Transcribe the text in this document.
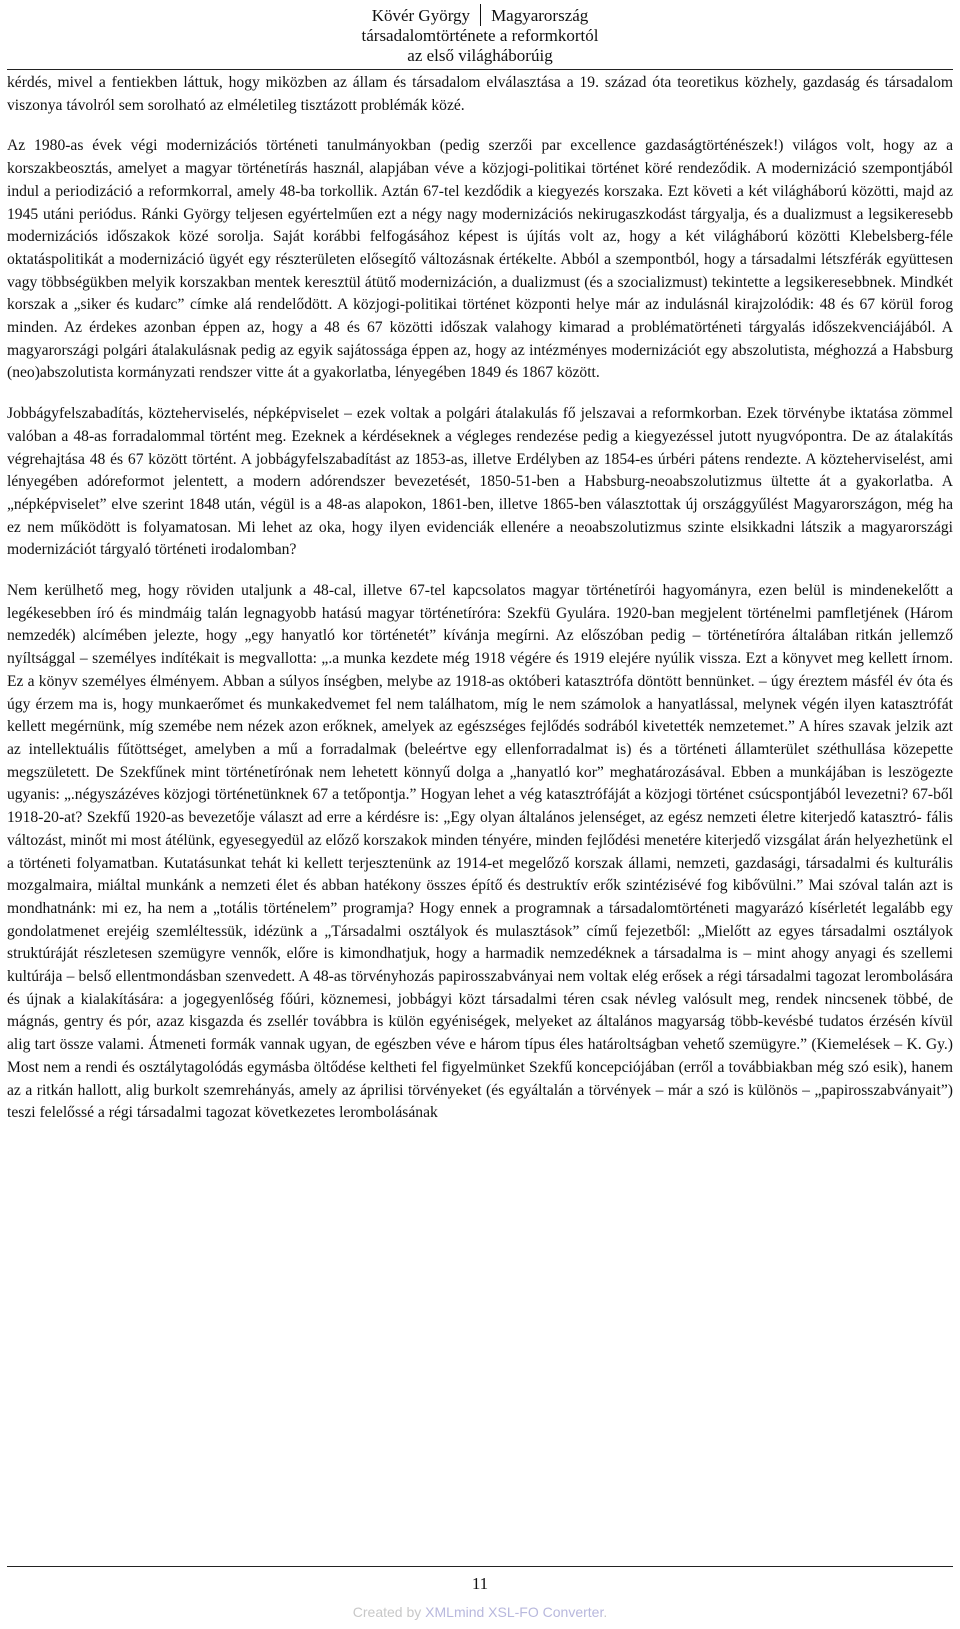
Kövér György Magyarország
társadalomtörténete a reformkortól
az első világháborúig

kérdés, mivel a fentiekben láttuk, hogy miközben az állam és társadalom elválasztása a 19. század óta teoretikus közhely, gazdaság és társadalom viszonya távolról sem sorolható az elméletileg tisztázott problémák közé.

Az 1980-as évek végi modernizációs történeti tanulmányokban (pedig szerzői par excellence gazdaságtörténészek!) világos volt, hogy az a korszakbeosztás, amelyet a magyar történetírás használ, alapjában véve a közjogi-politikai történet köré rendeződik. A modernizáció szempontjából indul a periodizáció a reformkorral, amely 48-ba torkollik. Aztán 67-tel kezdődik a kiegyezés korszaka. Ezt követi a két világháború közötti, majd az 1945 utáni periódus. Ránki György teljesen egyértelműen ezt a négy nagy modernizációs nekirugaszkodást tárgyalja, és a dualizmust a legsikeresebb modernizációs időszakok közé sorolja. Saját korábbi felfogásához képest is újítás volt az, hogy a két világháború közötti Klebelsberg-féle oktatáspolitikát a modernizáció ügyét egy részterületen elősegítő változásnak értékelte. Abból a szempontból, hogy a társadalmi létszférák együttesen vagy többségükben melyik korszakban mentek keresztül átütő modernizáción, a dualizmust (és a szocializmust) tekintette a legsikeresebbnek. Mindkét korszak a „siker és kudarc” címke alá rendelődött. A közjogi-politikai történet központi helye már az indulásnál kirajzolódik: 48 és 67 körül forog minden. Az érdekes azonban éppen az, hogy a 48 és 67 közötti időszak valahogy kimarad a problématörténeti tárgyalás időszekvenciájából. A magyarországi polgári átalakulásnak pedig az egyik sajátossága éppen az, hogy az intézményes modernizációt egy abszolutista, méghozzá a Habsburg (neo)abszolutista kormányzati rendszer vitte át a gyakorlatba, lényegében 1849 és 1867 között.

Jobbágyfelszabadítás, közteherviselés, népképviselet – ezek voltak a polgári átalakulás fő jelszavai a reformkorban. Ezek törvénybe iktatása zömmel valóban a 48-as forradalommal történt meg. Ezeknek a kérdéseknek a végleges rendezése pedig a kiegyezéssel jutott nyugvópontra. De az átalakítás végrehajtása 48 és 67 között történt. A jobbágyfelszabadítást az 1853-as, illetve Erdélyben az 1854-es úrbéri pátens rendezte. A közteherviselést, ami lényegében adóreformot jelentett, a modern adórendszer bevezetését, 1850-51-ben a Habsburg-neoabszolutizmus ültette át a gyakorlatba. A „népképviselet” elve szerint 1848 után, végül is a 48-as alapokon, 1861-ben, illetve 1865-ben választottak új országgyűlést Magyarországon, még ha ez nem működött is folyamatosan. Mi lehet az oka, hogy ilyen evidenciák ellenére a neoabszolutizmus szinte elsikkadni látszik a magyarországi modernizációt tárgyaló történeti irodalomban?

Nem kerülhető meg, hogy röviden utaljunk a 48-cal, illetve 67-tel kapcsolatos magyar történetírói hagyományra, ezen belül is mindenekelőtt a legékesebben író és mindmáig talán legnagyobb hatású magyar történetíróra: Szekfü Gyulára. 1920-ban megjelent történelmi pamfletjének (Három nemzedék) alcímében jelezte, hogy „egy hanyatló kor történetét” kívánja megírni. Az előszóban pedig – történetíróra általában ritkán jellemző nyíltsággal – személyes indítékait is megvallotta: „.a munka kezdete még 1918 végére és 1919 elejére nyúlik vissza. Ezt a könyvet meg kellett írnom. Ez a könyv személyes élményem. Abban a súlyos ínségben, melybe az 1918-as októberi katasztrófa döntött bennünket. – úgy éreztem másfél év óta és úgy érzem ma is, hogy munkaerőmet és munkakedvemet fel nem találhatom, míg le nem számolok a hanyatlással, melynek végén ilyen katasztrófát kellett megérnünk, míg szemébe nem nézek azon erőknek, amelyek az egészséges fejlődés sodrából kivetették nemzetemet.” A híres szavak jelzik azt az intellektuális fűtöttséget, amelyben a mű a forradalmak (beleértve egy ellenforradalmat is) és a történeti államterület széthullása közepette megszületett. De Szekfűnek mint történetírónak nem lehetett könnyű dolga a „hanyatló kor” meghatározásával. Ebben a munkájában is leszögezte ugyanis: „.négyszázéves közjogi történetünknek 67 a tetőpontja.” Hogyan lehet a vég katasztrófáját a közjogi történet csúcspontjából levezetni? 67-ből 1918-20-at? Szekfű 1920-as bevezetője választ ad erre a kérdésre is: „Egy olyan általános jelenséget, az egész nemzeti életre kiterjedő katasztró- fális változást, minőt mi most átélünk, egyesegyedül az előző korszakok minden tényére, minden fejlődési menetére kiterjedő vizsgálat árán helyezhetünk el a történeti folyamatban. Kutatásunkat tehát ki kellett terjesztenünk az 1914-et megelőző korszak állami, nemzeti, gazdasági, társadalmi és kulturális mozgalmaira, miáltal munkánk a nemzeti élet és abban hatékony összes építő és destruktív erők szintézisévé fog kibővülni.” Mai szóval talán azt is mondhatnánk: mi ez, ha nem a „totális történelem” programja? Hogy ennek a programnak a társadalomtörténeti magyarázó kísérletét legalább egy gondolatmenet erejéig szemléltessük, idézünk a „Társadalmi osztályok és mulasztások” című fejezetből: „Mielőtt az egyes társadalmi osztályok struktúráját részletesen szemügyre vennők, előre is kimondhatjuk, hogy a harmadik nemzedéknek a társadalma is – mint ahogy anyagi és szellemi kultúrája – belső ellentmondásban szenvedett. A 48-as törvényhozás papirosszabványai nem voltak elég erősek a régi társadalmi tagozat lerombolására és újnak a kialakítására: a jogegyenlőség főúri, köznemesi, jobbágyi közt társadalmi téren csak névleg valósult meg, rendek nincsenek többé, de mágnás, gentry és pór, azaz kisgazda és zsellér továbbra is külön egyéniségek, melyeket az általános magyarság több-kevésbé tudatos érzésén kívül alig tart össze valami. Átmeneti formák vannak ugyan, de egészben véve e három típus éles határoltságban vehető szemügyre.” (Kiemelések – K. Gy.) Most nem a rendi és osztálytagolódás egymásba öltődése keltheti fel figyelmünket Szekfű koncepciójában (erről a továbbiakban még szó esik), hanem az a ritkán hallott, alig burkolt szemrehányás, amely az áprilisi törvényeket (és egyáltalán a törvények – már a szó is különös – „papirosszabványait”) teszi felelőssé a régi társadalmi tagozat következetes lerombolásának

11
Created by XMLmind XSL-FO Converter.
